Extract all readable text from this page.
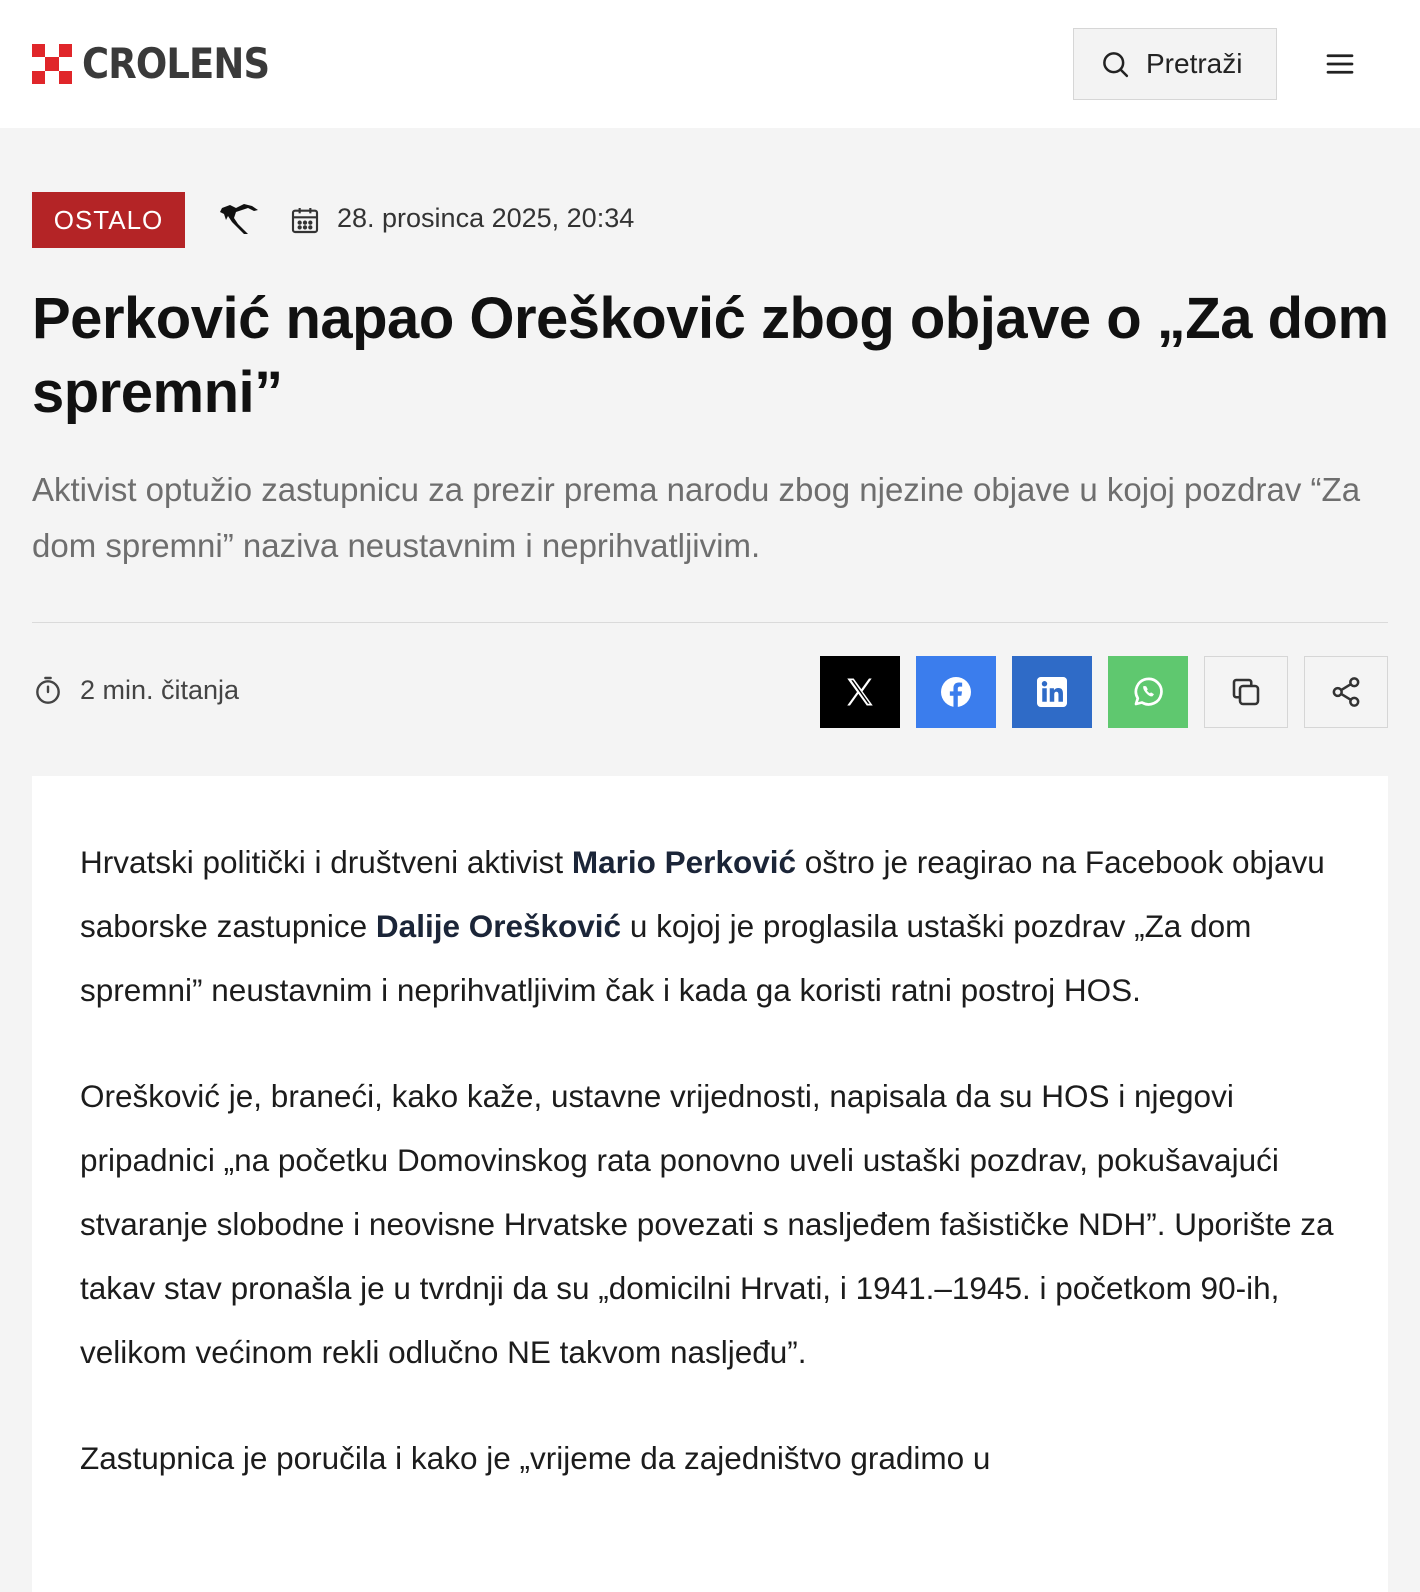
CROLENS	Pretraži
OSTALO	28. prosinca 2025, 20:34
Perković napao Orešković zbog objave o „Za dom spremni”

Aktivist optužio zastupnicu za prezir prema narodu zbog njezine objave u kojoj pozdrav “Za dom spremni” naziva neustavnim i neprihvatljivim.

2 min. čitanja

Hrvatski politički i društveni aktivist Mario Perković oštro je reagirao na Facebook objavu saborske zastupnice Dalije Orešković u kojoj je proglasila ustaški pozdrav „Za dom spremni” neustavnim i neprihvatljivim čak i kada ga koristi ratni postroj HOS.

Orešković je, braneći, kako kaže, ustavne vrijednosti, napisala da su HOS i njegovi pripadnici „na početku Domovinskog rata ponovno uveli ustaški pozdrav, pokušavajući stvaranje slobodne i neovisne Hrvatske povezati s nasljeđem fašističke NDH”. Uporište za takav stav pronašla je u tvrdnji da su „domicilni Hrvati, i 1941.–1945. i početkom 90-ih, velikom većinom rekli odlučno NE takvom nasljeđu”.

Zastupnica je poručila i kako je „vrijeme da zajedništvo gradimo u
